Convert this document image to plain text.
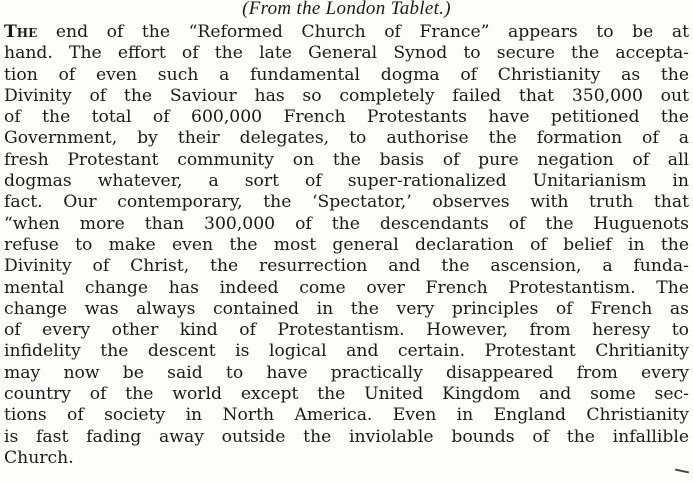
(From the London Tablet.)
The end of the “Reformed Church of France” appears to be at
hand. The effort of the late General Synod to secure the accepta-
tion of even such a fundamental dogma of Christianity as the
Divinity of the Saviour has so completely failed that 350,000 out
of the total of 600,000 French Protestants have petitioned the
Government, by their delegates, to authorise the formation of a
fresh Protestant community on the basis of pure negation of all
dogmas whatever, a sort of super-rationalized Unitarianism in
fact. Our contemporary, the ‘Spectator,’ observes with truth that
“when more than 300,000 of the descendants of the Huguenots
refuse to make even the most general declaration of belief in the
Divinity of Christ, the resurrection and the ascension, a funda-
mental change has indeed come over French Protestantism. The
change was always contained in the very principles of French as
of every other kind of Protestantism. However, from heresy to
infidelity the descent is logical and certain. Protestant Chritianity
may now be said to have practically disappeared from every
country of the world except the United Kingdom and some sec-
tions of society in North America. Even in England Christianity
is fast fading away outside the inviolable bounds of the infallible
Church.
